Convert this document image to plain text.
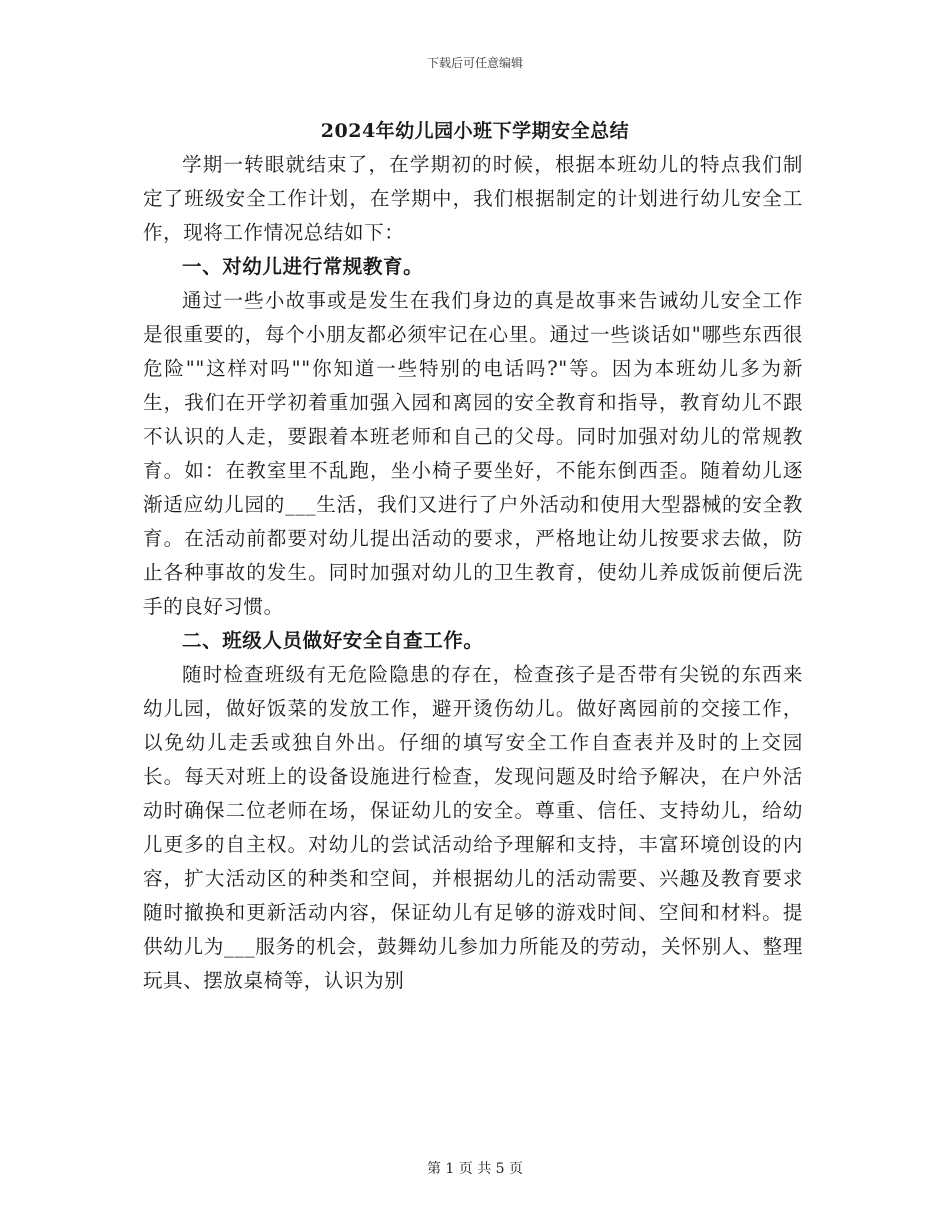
下载后可任意编辑
2024年幼儿园小班下学期安全总结

学期一转眼就结束了，在学期初的时候，根据本班幼儿的特点我们制定了班级安全工作计划，在学期中，我们根据制定的计划进行幼儿安全工作，现将工作情况总结如下：

一、对幼儿进行常规教育。

通过一些小故事或是发生在我们身边的真是故事来告诫幼儿安全工作是很重要的，每个小朋友都必须牢记在心里。通过一些谈话如"哪些东西很危险""这样对吗""你知道一些特别的电话吗?"等。因为本班幼儿多为新生，我们在开学初着重加强入园和离园的安全教育和指导，教育幼儿不跟不认识的人走，要跟着本班老师和自己的父母。同时加强对幼儿的常规教育。如：在教室里不乱跑，坐小椅子要坐好，不能东倒西歪。随着幼儿逐渐适应幼儿园的___生活，我们又进行了户外活动和使用大型器械的安全教育。在活动前都要对幼儿提出活动的要求，严格地让幼儿按要求去做，防止各种事故的发生。同时加强对幼儿的卫生教育，使幼儿养成饭前便后洗手的良好习惯。

二、班级人员做好安全自查工作。

随时检查班级有无危险隐患的存在，检查孩子是否带有尖锐的东西来幼儿园，做好饭菜的发放工作，避开烫伤幼儿。做好离园前的交接工作，以免幼儿走丢或独自外出。仔细的填写安全工作自查表并及时的上交园长。每天对班上的设备设施进行检查，发现问题及时给予解决，在户外活动时确保二位老师在场，保证幼儿的安全。尊重、信任、支持幼儿，给幼儿更多的自主权。对幼儿的尝试活动给予理解和支持，丰富环境创设的内容，扩大活动区的种类和空间，并根据幼儿的活动需要、兴趣及教育要求随时撤换和更新活动内容，保证幼儿有足够的游戏时间、空间和材料。提供幼儿为___服务的机会，鼓舞幼儿参加力所能及的劳动，关怀别人、整理玩具、摆放桌椅等，认识为别

第 1 页 共 5 页
